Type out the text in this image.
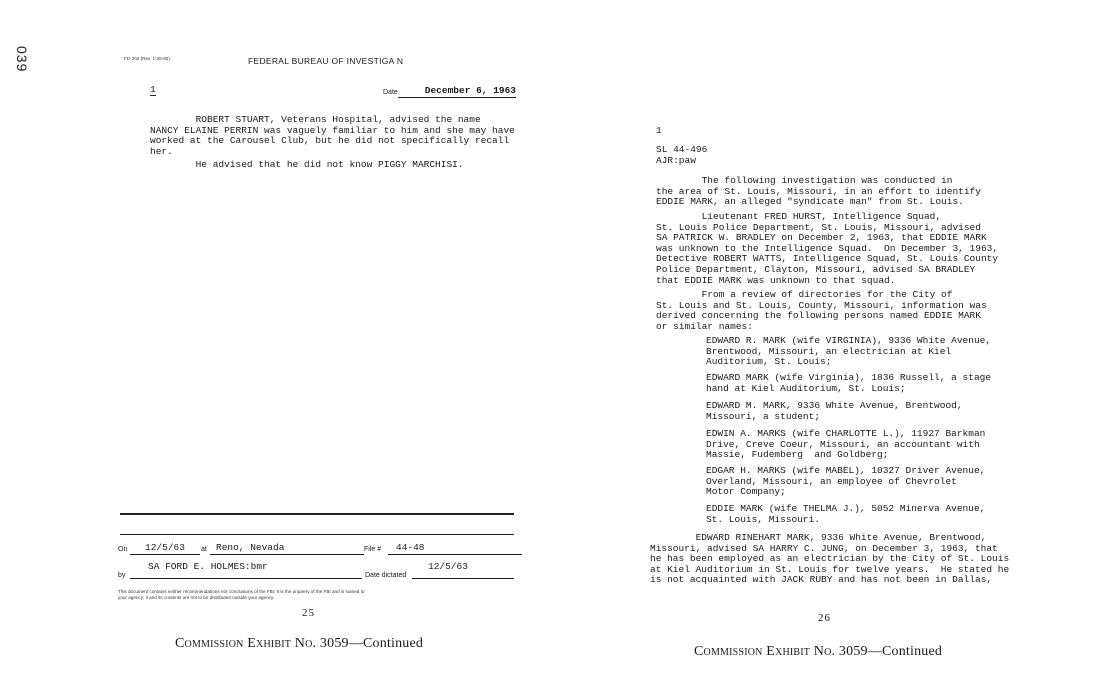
039	FD-302 (Rev. 1-25-60)	FEDERAL BUREAU OF INVESTIGA N
1	Date	December 6, 1963
ROBERT STUART, Veterans Hospital, advised the name
NANCY ELAINE PERRIN was vaguely familiar to him and she may have
worked at the Carousel Club, but he did not specifically recall
her.
He advised that he did not know PIGGY MARCHISI.
On	12/5/63	at Reno, Nevada	File #	44-48
SA FORD E. HOLMES:bmr	12/5/63
by	Date dictated
This document contains neither recommendations nor conclusions of the FBI. It is the property of the FBI and is loaned to
your agency; it and its contents are not to be distributed outside your agency.
25
Commission Exhibit No. 3059—Continued
1
SL 44-496
AJR:paw
The following investigation was conducted in
the area of St. Louis, Missouri, in an effort to identify
EDDIE MARK, an alleged "syndicate man" from St. Louis.
Lieutenant FRED HURST, Intelligence Squad,
St. Louis Police Department, St. Louis, Missouri, advised
SA PATRICK W. BRADLEY on December 2, 1963, that EDDIE MARK
was unknown to the Intelligence Squad.  On December 3, 1963,
Detective ROBERT WATTS, Intelligence Squad, St. Louis County
Police Department, Clayton, Missouri, advised SA BRADLEY
that EDDIE MARK was unknown to that squad.
From a review of directories for the City of
St. Louis and St. Louis, County, Missouri, information was
derived concerning the following persons named EDDIE MARK
or similar names:
EDWARD R. MARK (wife VIRGINIA), 9336 White Avenue,
Brentwood, Missouri, an electrician at Kiel
Auditorium, St. Louis;
EDWARD MARK (wife Virginia), 1836 Russell, a stage
hand at Kiel Auditorium, St. Louis;
EDWARD M. MARK, 9336 White Avenue, Brentwood,
Missouri, a student;
EDWIN A. MARKS (wife CHARLOTTE L.), 11927 Barkman
Drive, Creve Coeur, Missouri, an accountant with
Massie, Fudemberg  and Goldberg;
EDGAR H. MARKS (wife MABEL), 10327 Driver Avenue,
Overland, Missouri, an employee of Chevrolet
Motor Company;
EDDIE MARK (wife THELMA J.), 5052 Minerva Avenue,
St. Louis, Missouri.
EDWARD RINEHART MARK, 9336 White Avenue, Brentwood,
Missouri, advised SA HARRY C. JUNG, on December 3, 1963, that
he has been employed as an electrician by the City of St. Louis
at Kiel Auditorium in St. Louis for twelve years.  He stated he
is not acquainted with JACK RUBY and has not been in Dallas,
26
Commission Exhibit No. 3059—Continued
